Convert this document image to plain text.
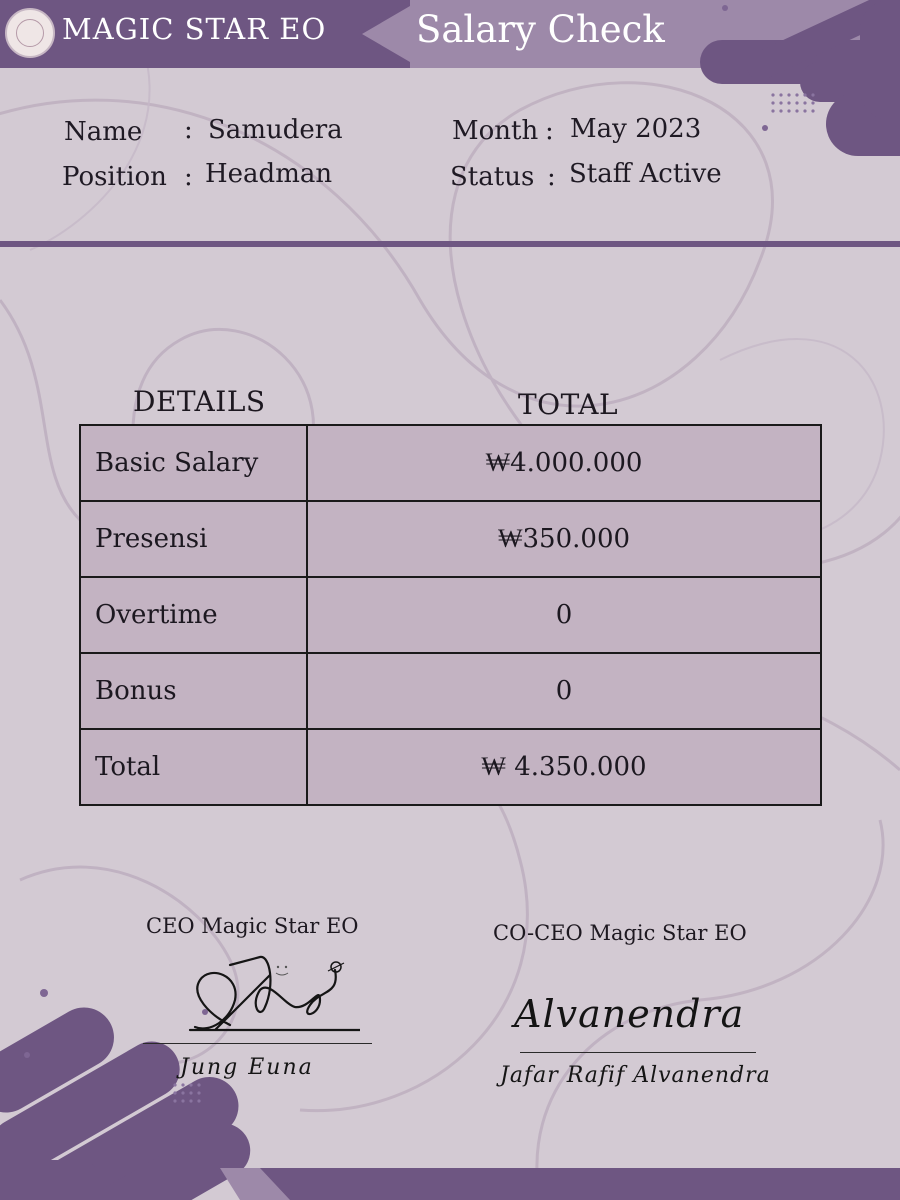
MAGIC STAR EO Salary Check
Name : Samudera
Position : Headman
Month : May 2023
Status : Staff Active
DETAILS	TOTAL
Basic Salary	₩4.000.000
Presensi	₩350.000
Overtime	0
Bonus	0
Total	₩ 4.350.000
CEO Magic Star EO
Jung Euna
CO-CEO Magic Star EO
Alvanendra
Jafar Rafif Alvanendra
